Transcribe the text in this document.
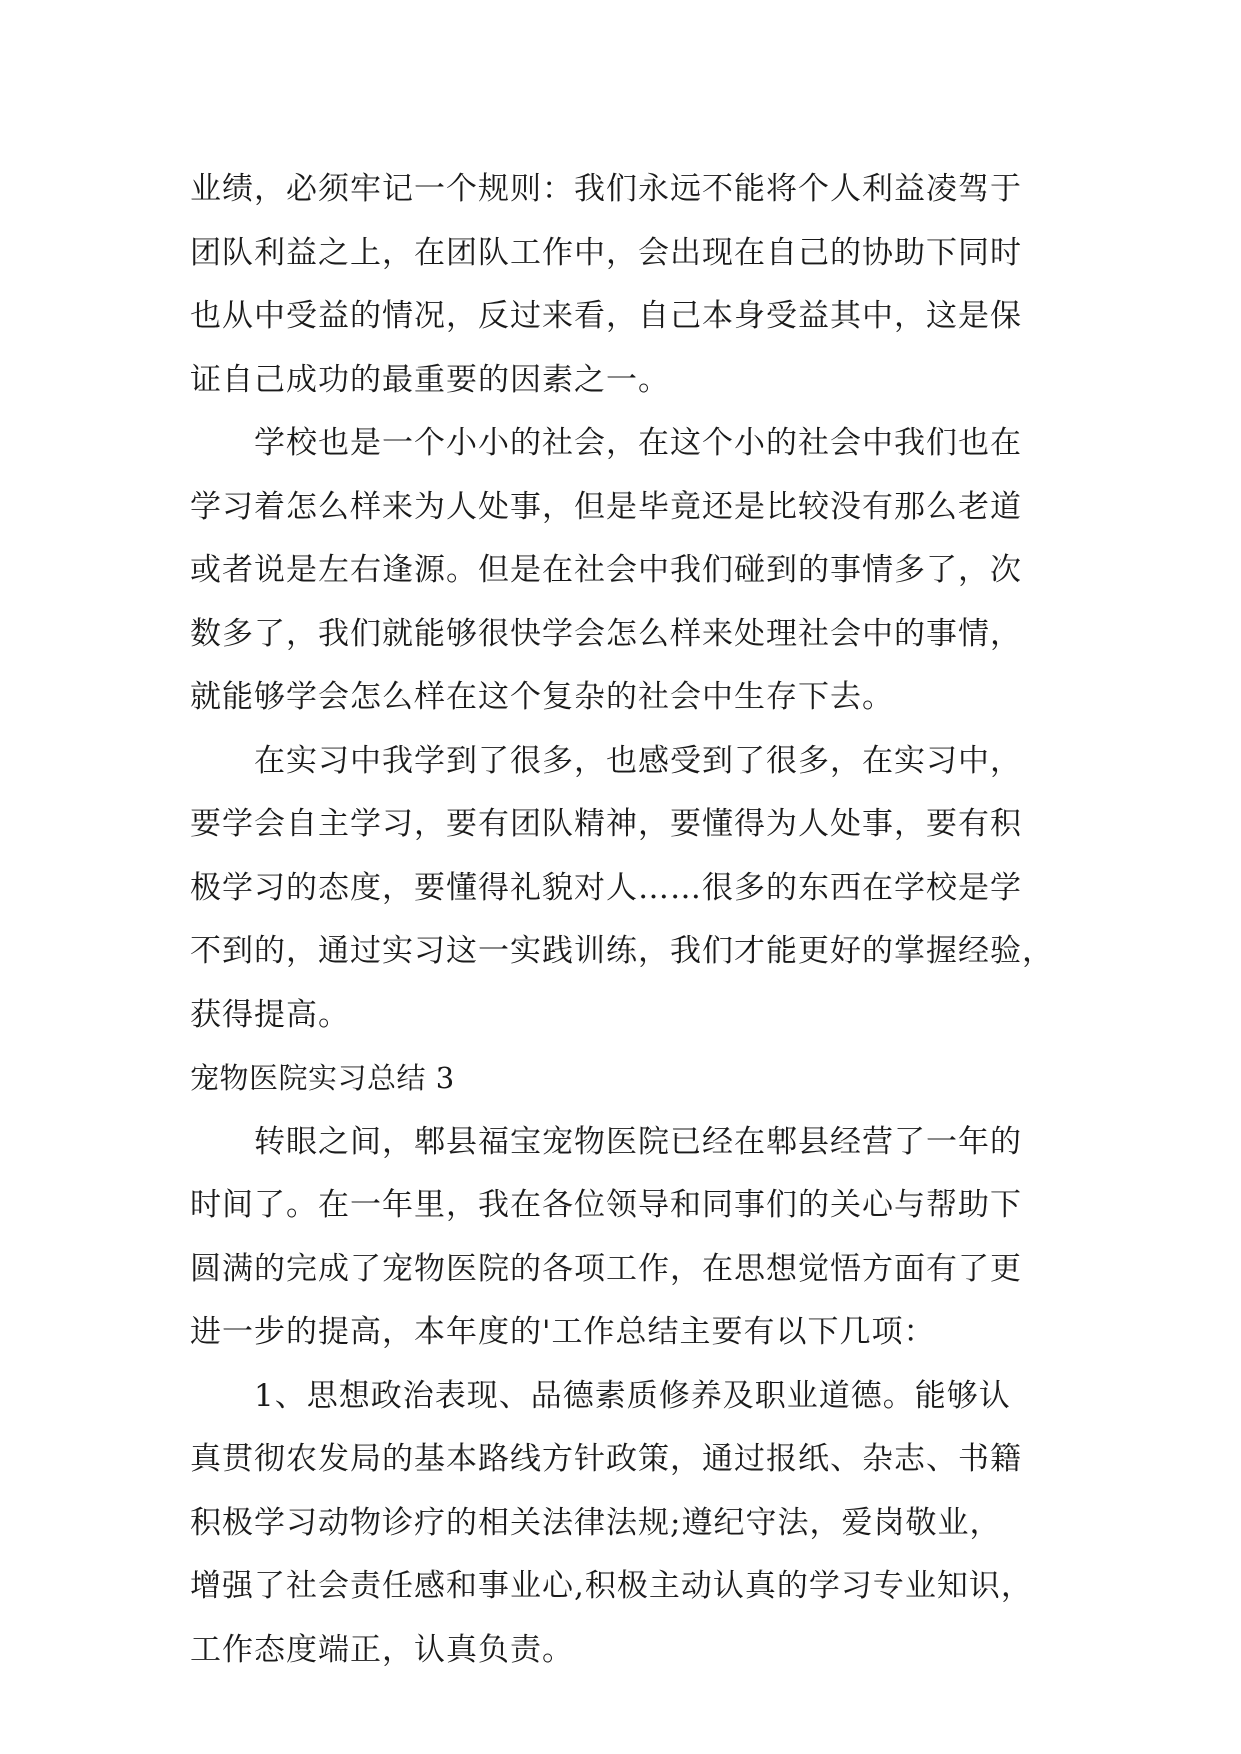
业绩，必须牢记一个规则：我们永远不能将个人利益凌驾于
团队利益之上，在团队工作中，会出现在自己的协助下同时
也从中受益的情况，反过来看，自己本身受益其中，这是保
证自己成功的最重要的因素之一。
学校也是一个小小的社会，在这个小的社会中我们也在
学习着怎么样来为人处事，但是毕竟还是比较没有那么老道
或者说是左右逢源。但是在社会中我们碰到的事情多了，次
数多了，我们就能够很快学会怎么样来处理社会中的事情，
就能够学会怎么样在这个复杂的社会中生存下去。
在实习中我学到了很多，也感受到了很多，在实习中，
要学会自主学习，要有团队精神，要懂得为人处事，要有积
极学习的态度，要懂得礼貌对人……很多的东西在学校是学
不到的，通过实习这一实践训练，我们才能更好的掌握经验，
获得提高。
宠物医院实习总结 3
转眼之间，郫县福宝宠物医院已经在郫县经营了一年的
时间了。在一年里，我在各位领导和同事们的关心与帮助下
圆满的完成了宠物医院的各项工作，在思想觉悟方面有了更
进一步的提高，本年度的'工作总结主要有以下几项：
1、思想政治表现、品德素质修养及职业道德。能够认
真贯彻农发局的基本路线方针政策，通过报纸、杂志、书籍
积极学习动物诊疗的相关法律法规;遵纪守法，爱岗敬业，
增强了社会责任感和事业心,积极主动认真的学习专业知识，
工作态度端正，认真负责。
